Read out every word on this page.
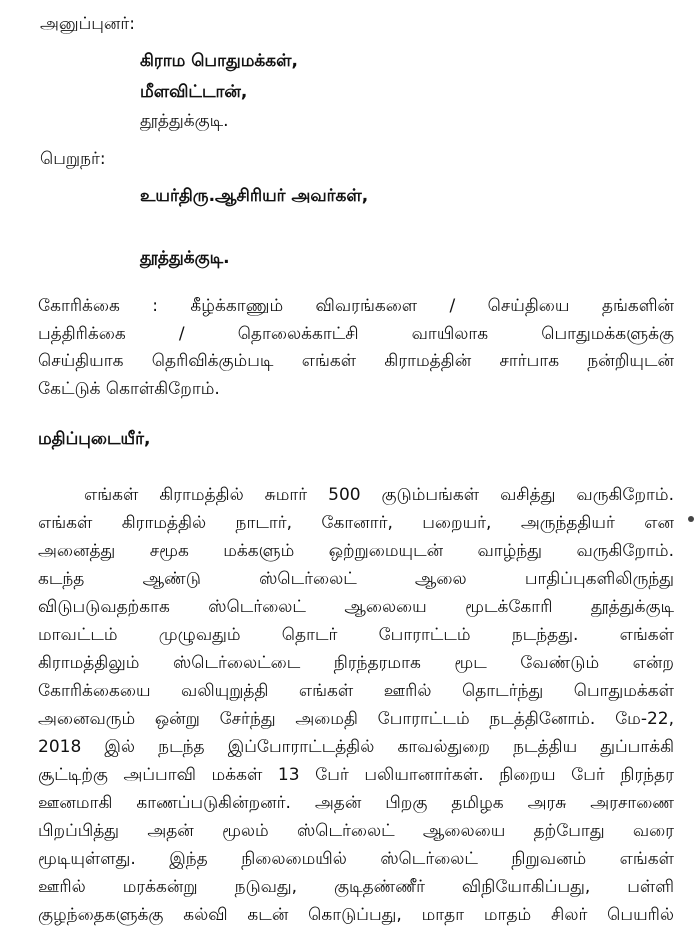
அனுப்புனர்:
கிராம பொதுமக்கள்,
மீளவிட்டான்,
தூத்துக்குடி.
பெறுநர்:
உயர்திரு.ஆசிரியர் அவர்கள்,
தூத்துக்குடி.
கோரிக்கை : கீழ்க்காணும் விவரங்களை / செய்தியை தங்களின்
பத்திரிக்கை / தொலைக்காட்சி வாயிலாக பொதுமக்களுக்கு
செய்தியாக தெரிவிக்கும்படி எங்கள் கிராமத்தின் சார்பாக நன்றியுடன்
கேட்டுக் கொள்கிறோம்.
மதிப்புடையீர்,
எங்கள் கிராமத்தில் சுமார் 500 குடும்பங்கள் வசித்து வருகிறோம்.
எங்கள் கிராமத்தில் நாடார், கோனார், பறையர், அருந்ததியர் என
அனைத்து சமூக மக்களும் ஒற்றுமையுடன் வாழ்ந்து வருகிறோம்.
கடந்த ஆண்டு ஸ்டெர்லைட் ஆலை பாதிப்புகளிலிருந்து
விடுபடுவதற்காக ஸ்டெர்லைட் ஆலையை மூடக்கோரி தூத்துக்குடி
மாவட்டம் முழுவதும் தொடர் போராட்டம் நடந்தது. எங்கள்
கிராமத்திலும் ஸ்டெர்லைட்டை நிரந்தரமாக மூட வேண்டும் என்ற
கோரிக்கையை வலியுறுத்தி எங்கள் ஊரில் தொடர்ந்து பொதுமக்கள்
அனைவரும் ஒன்று சேர்ந்து அமைதி போராட்டம் நடத்தினோம். மே-22,
2018 இல் நடந்த இப்போராட்டத்தில் காவல்துறை நடத்திய துப்பாக்கி
சூட்டிற்கு அப்பாவி மக்கள் 13 பேர் பலியானார்கள். நிறைய பேர் நிரந்தர
ஊனமாகி காணப்படுகின்றனர். அதன் பிறகு தமிழக அரசு அரசாணை
பிறப்பித்து அதன் மூலம் ஸ்டெர்லைட் ஆலையை தற்போது வரை
மூடியுள்ளது. இந்த நிலைமையில் ஸ்டெர்லைட் நிறுவனம் எங்கள்
ஊரில் மரக்கன்று நடுவது, குடிதண்ணீர் விநியோகிப்பது, பள்ளி
குழந்தைகளுக்கு கல்வி கடன் கொடுப்பது, மாதா மாதம் சிலர் பெயரில்
